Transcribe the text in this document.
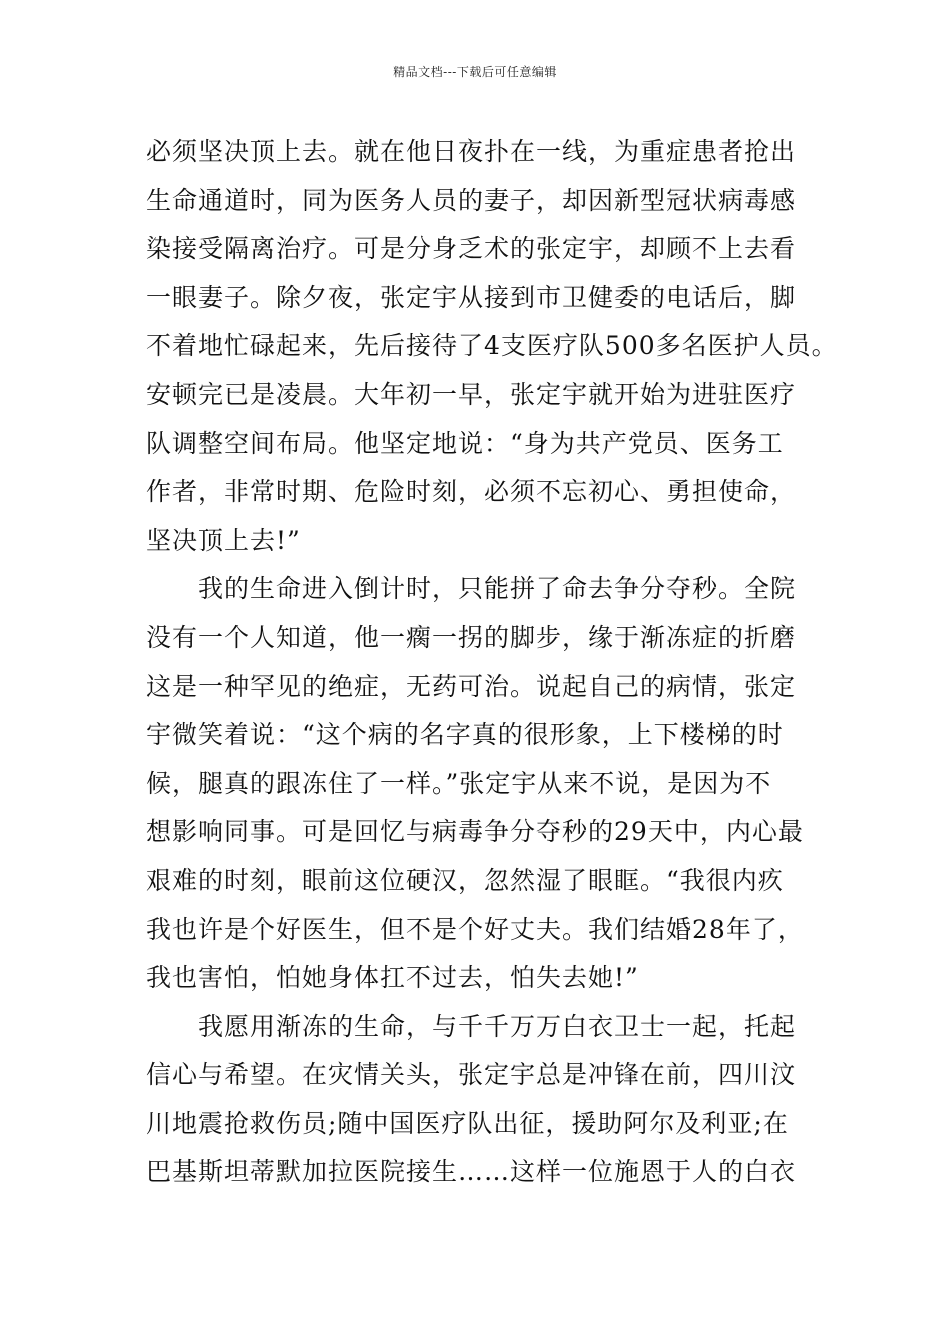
精品文档---下载后可任意编辑
必须坚决顶上去。就在他日夜扑在一线，为重症患者抢出
生命通道时，同为医务人员的妻子，却因新型冠状病毒感
染接受隔离治疗。可是分身乏术的张定宇，却顾不上去看
一眼妻子。除夕夜，张定宇从接到市卫健委的电话后，脚
不着地忙碌起来，先后接待了4支医疗队500多名医护人员。
安顿完已是凌晨。大年初一早，张定宇就开始为进驻医疗
队调整空间布局。他坚定地说：“身为共产党员、医务工
作者，非常时期、危险时刻，必须不忘初心、勇担使命，
坚决顶上去!”
我的生命进入倒计时，只能拼了命去争分夺秒。全院
没有一个人知道，他一瘸一拐的脚步，缘于渐冻症的折磨
这是一种罕见的绝症，无药可治。说起自己的病情，张定
宇微笑着说：“这个病的名字真的很形象，上下楼梯的时
候，腿真的跟冻住了一样。”张定宇从来不说，是因为不
想影响同事。可是回忆与病毒争分夺秒的29天中，内心最
艰难的时刻，眼前这位硬汉，忽然湿了眼眶。“我很内疚
我也许是个好医生，但不是个好丈夫。我们结婚28年了，
我也害怕，怕她身体扛不过去，怕失去她!”
我愿用渐冻的生命，与千千万万白衣卫士一起，托起
信心与希望。在灾情关头，张定宇总是冲锋在前，四川汶
川地震抢救伤员;随中国医疗队出征，援助阿尔及利亚;在
巴基斯坦蒂默加拉医院接生……这样一位施恩于人的白衣
